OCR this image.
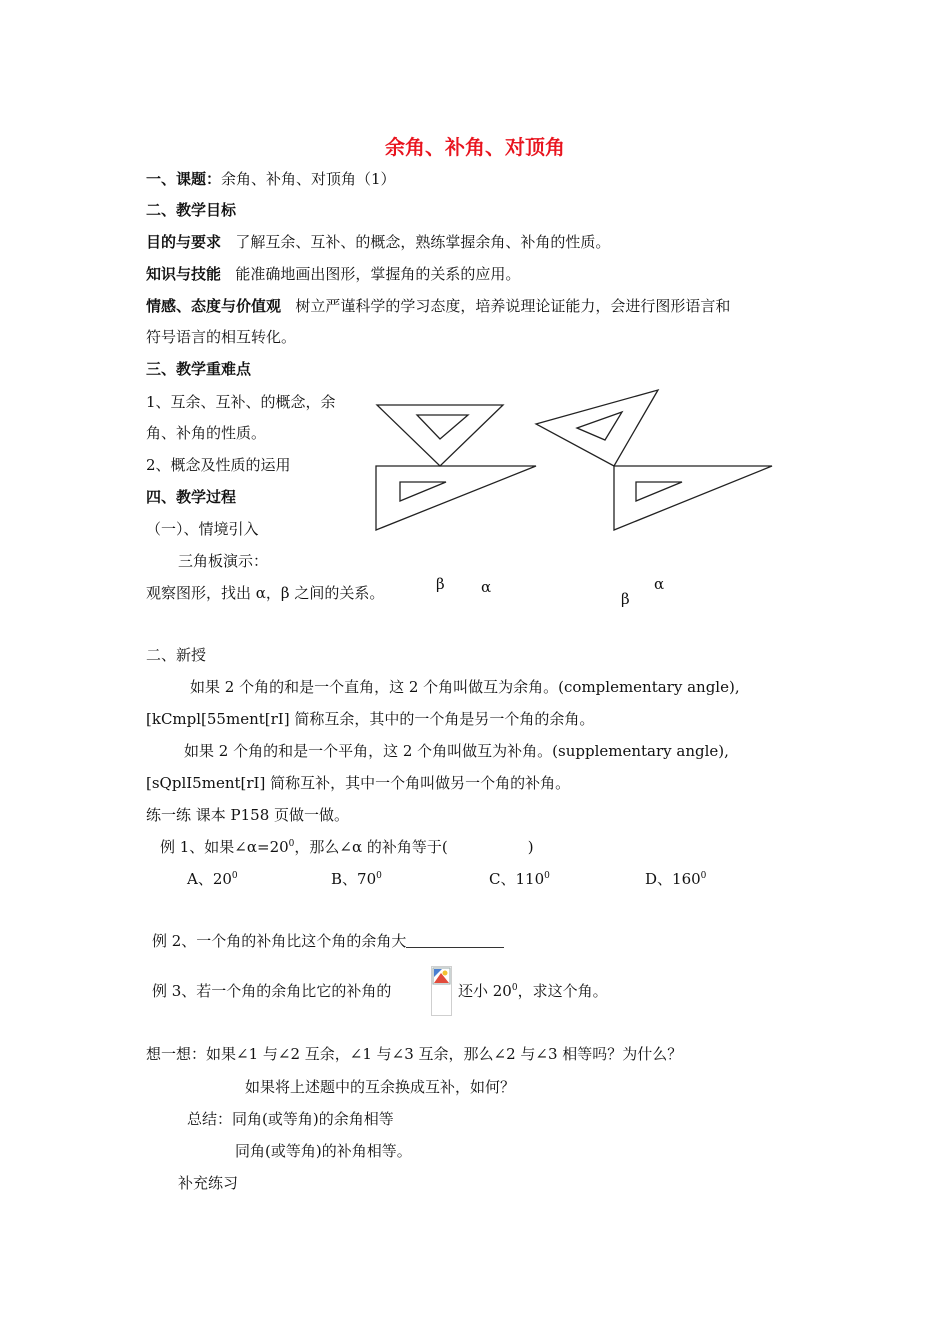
余角、补角、对顶角
一、课题：余角、补角、对顶角（1）
二、教学目标
目的与要求 了解互余、互补、的概念，熟练掌握余角、补角的性质。
知识与技能 能准确地画出图形，掌握角的关系的应用。
情感、态度与价值观 树立严谨科学的学习态度，培养说理论证能力，会进行图形语言和
符号语言的相互转化。
三、教学重难点
1、互余、互补、的概念，余
角、补角的性质。
2、概念及性质的运用
四、教学过程
（一）、情境引入
三角板演示：
观察图形，找出 α，β 之间的关系。	β α
β
α
二、新授
如果 2 个角的和是一个直角，这 2 个角叫做互为余角。(complementary angle),
[kCmpl[55ment[rI] 简称互余，其中的一个角是另一个角的余角。
如果 2 个角的和是一个平角，这 2 个角叫做互为补角。(supplementary angle),
[sQplI5ment[rI] 简称互补，其中一个角叫做另一个角的补角。
练一练 课本 P158 页做一做。
例 1、如果$\angle\alpha=20^0$，那么∠α 的补角等于(	)
A、$20^0$	B、$70^0$	C、$110^0$	D、$160^0$
例 2、一个角的补角比这个角的余角大
例 3、若一个角的余角比它的补角的	还小 $20^0$，求这个角。
想一想：如果∠1 与∠2 互余，∠1 与∠3 互余，那么∠2 与∠3 相等吗？为什么？
如果将上述题中的互余换成互补，如何？
总结：同角(或等角)的余角相等
同角(或等角)的补角相等。
补充练习
